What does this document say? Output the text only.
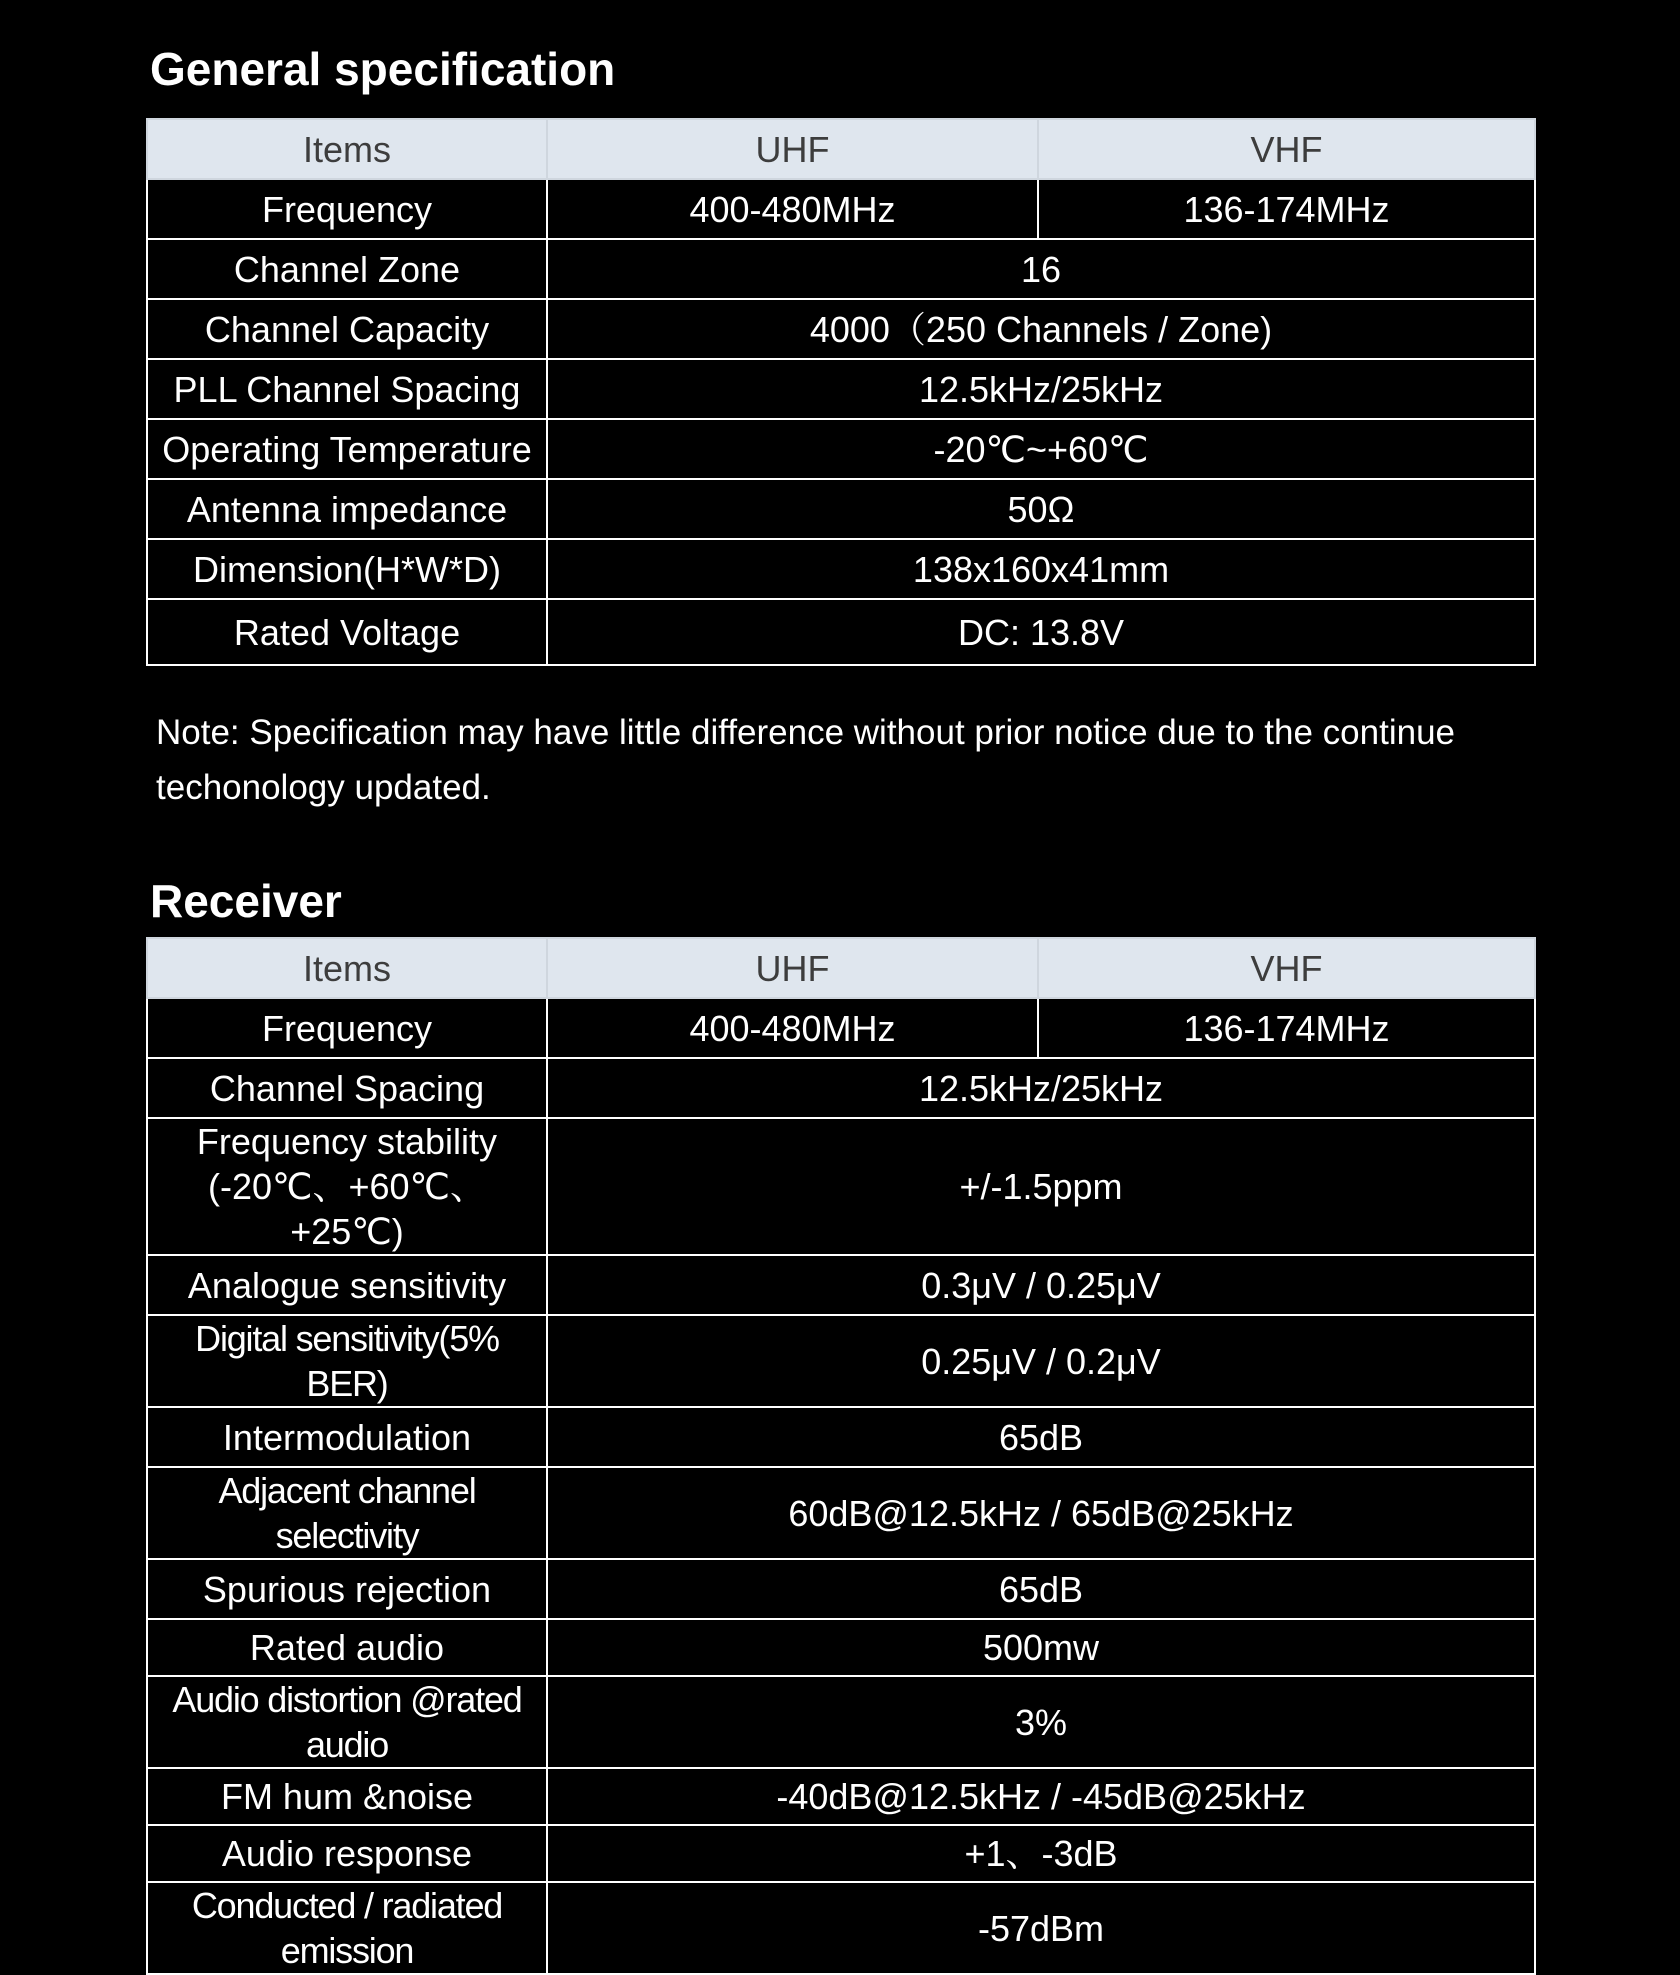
General specification
Items	UHF	VHF
Frequency	400-480MHz	136-174MHz
Channel Zone	16	
Channel Capacity	4000（250 Channels / Zone)	
PLL Channel Spacing	12.5kHz/25kHz	
Operating Temperature	-20℃~+60℃	
Antenna impedance	50Ω	
Dimension(H*W*D)	138x160x41mm	
Rated Voltage	DC: 13.8V	

Note: Specification may have little difference without prior notice due to the continue techonology updated.

Receiver
Items	UHF	VHF
Frequency	400-480MHz	136-174MHz
Channel Spacing	12.5kHz/25kHz	

Frequency stability
(-20℃、+60℃、+25℃)	+/-1.5ppm	
Analogue sensitivity	0.3μV / 0.25μV	
Digital sensitivity(5% BER)	0.25μV / 0.2μV	
Intermodulation	65dB	
Adjacent channel selectivity	60dB@12.5kHz / 65dB@25kHz	
Spurious rejection	65dB	
Rated audio	500mw	
Audio distortion @rated audio	3%	
FM hum &noise	-40dB@12.5kHz / -45dB@25kHz	
Audio response	+1、-3dB	
Conducted / radiated emission	-57dBm	
